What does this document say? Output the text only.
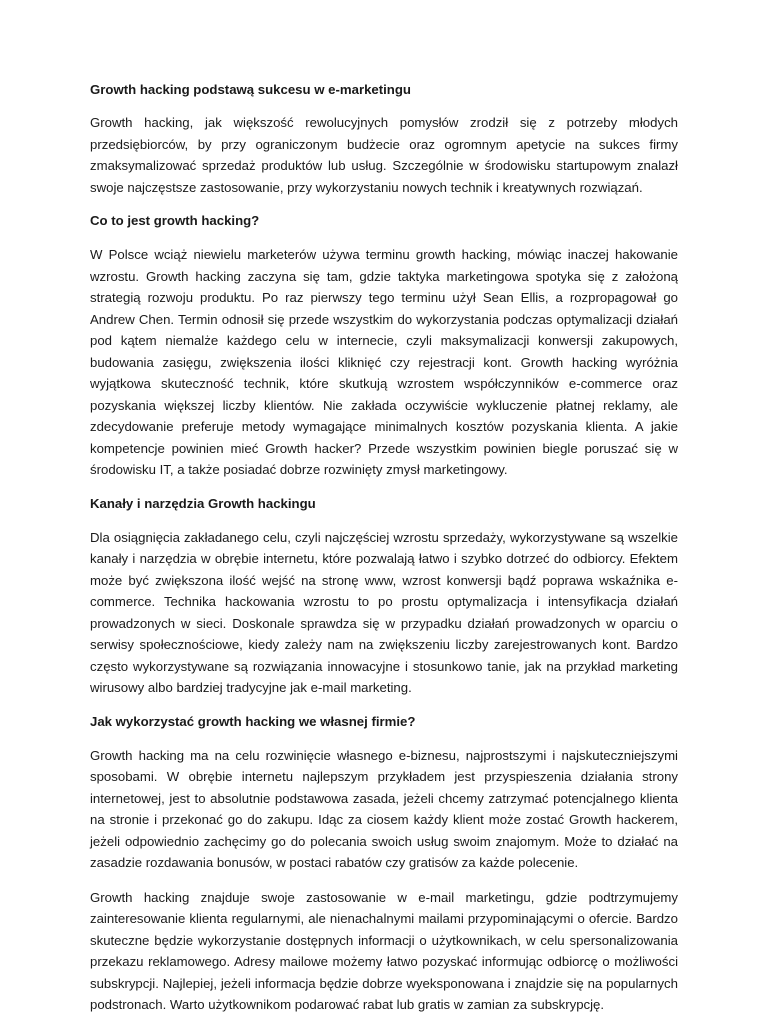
Growth hacking podstawą sukcesu w e-marketingu

Growth hacking, jak większość rewolucyjnych pomysłów zrodził się z potrzeby młodych przedsiębiorców, by przy ograniczonym budżecie oraz ogromnym apetycie na sukces firmy zmaksymalizować sprzedaż produktów lub usług. Szczególnie w środowisku startupowym znalazł swoje najczęstsze zastosowanie, przy wykorzystaniu nowych technik i kreatywnych rozwiązań.

Co to jest growth hacking?

W Polsce wciąż niewielu marketerów używa terminu growth hacking, mówiąc inaczej hakowanie wzrostu. Growth hacking zaczyna się tam, gdzie taktyka marketingowa spotyka się z założoną strategią rozwoju produktu. Po raz pierwszy tego terminu użył Sean Ellis, a rozpropagował go Andrew Chen. Termin odnosił się przede wszystkim do wykorzystania podczas optymalizacji działań pod kątem niemalże każdego celu w internecie, czyli maksymalizacji konwersji zakupowych, budowania zasięgu, zwiększenia ilości kliknięć czy rejestracji kont. Growth hacking wyróżnia wyjątkowa skuteczność technik, które skutkują wzrostem współczynników e-commerce oraz pozyskania większej liczby klientów. Nie zakłada oczywiście wykluczenie płatnej reklamy, ale zdecydowanie preferuje metody wymagające minimalnych kosztów pozyskania klienta. A jakie kompetencje powinien mieć Growth hacker? Przede wszystkim powinien biegle poruszać się w środowisku IT, a także posiadać dobrze rozwinięty zmysł marketingowy.

Kanały i narzędzia Growth hackingu

Dla osiągnięcia zakładanego celu, czyli najczęściej wzrostu sprzedaży, wykorzystywane są wszelkie kanały i narzędzia w obrębie internetu, które pozwalają łatwo i szybko dotrzeć do odbiorcy. Efektem może być zwiększona ilość wejść na stronę www, wzrost konwersji bądź poprawa wskaźnika e-commerce. Technika hackowania wzrostu to po prostu optymalizacja i intensyfikacja działań prowadzonych w sieci. Doskonale sprawdza się w przypadku działań prowadzonych w oparciu o serwisy społecznościowe, kiedy zależy nam na zwiększeniu liczby zarejestrowanych kont. Bardzo często wykorzystywane są rozwiązania innowacyjne i stosunkowo tanie, jak na przykład marketing wirusowy albo bardziej tradycyjne jak e-mail marketing.

Jak wykorzystać growth hacking we własnej firmie?

Growth hacking ma na celu rozwinięcie własnego e-biznesu, najprostszymi i najskuteczniejszymi sposobami. W obrębie internetu najlepszym przykładem jest przyspieszenia działania strony internetowej, jest to absolutnie podstawowa zasada, jeżeli chcemy zatrzymać potencjalnego klienta na stronie i przekonać go do zakupu. Idąc za ciosem każdy klient może zostać Growth hackerem, jeżeli odpowiednio zachęcimy go do polecania swoich usług swoim znajomym. Może to działać na zasadzie rozdawania bonusów, w postaci rabatów czy gratisów za każde polecenie.

Growth hacking znajduje swoje zastosowanie w e-mail marketingu, gdzie podtrzymujemy zainteresowanie klienta regularnymi, ale nienachalnymi mailami przypominającymi o ofercie. Bardzo skuteczne będzie wykorzystanie dostępnych informacji o użytkownikach, w celu spersonalizowania przekazu reklamowego. Adresy mailowe możemy łatwo pozyskać informując odbiorcę o możliwości subskrypcji. Najlepiej, jeżeli informacja będzie dobrze wyeksponowana i znajdzie się na popularnych podstronach. Warto użytkownikom podarować rabat lub gratis w zamian za subskrypcję.
